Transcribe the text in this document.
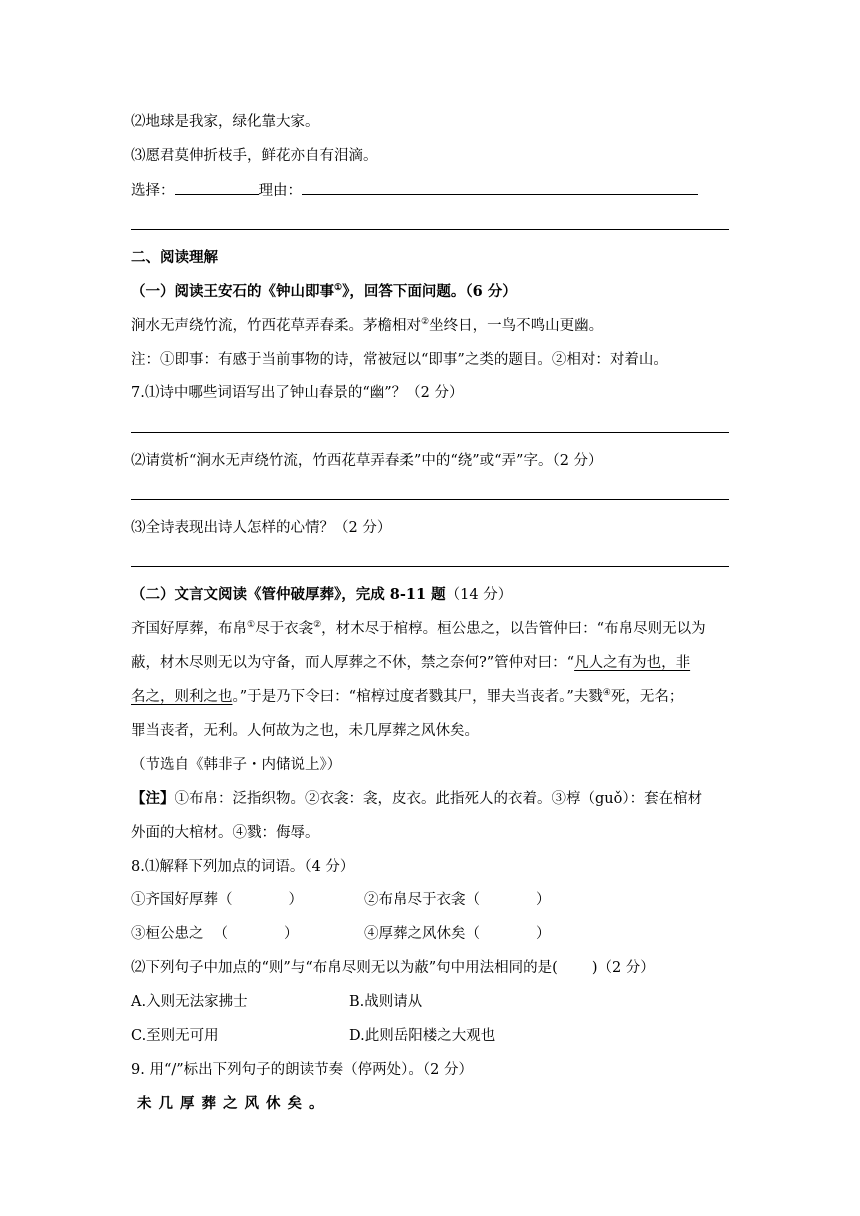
⑵地球是我家，绿化靠大家。
⑶愿君莫伸折枝手，鲜花亦自有泪滴。
选择：	理由：
二、阅读理解
（一）阅读王安石的《钟山即事①》，回答下面问题。（6 分）
涧水无声绕竹流，竹西花草弄春柔。茅檐相对②坐终日，一鸟不鸣山更幽。
注：①即事：有感于当前事物的诗，常被冠以“即事”之类的题目。②相对：对着山。
7.⑴诗中哪些词语写出了钟山春景的“幽”？（2 分）
⑵请赏析“涧水无声绕竹流，竹西花草弄春柔”中的“绕”或“弄”字。（2 分）
⑶全诗表现出诗人怎样的心情？（2 分）
（二）文言文阅读《管仲破厚葬》，完成 8-11 题（14 分）
齐国好厚葬，布帛①尽于衣衾②，材木尽于棺椁。桓公患之，以告管仲曰：“布帛尽则无以为
蔽，材木尽则无以为守备，而人厚葬之不休，禁之奈何?”管仲对曰：“凡人之有为也，非
名之，则利之也。”于是乃下令曰：“棺椁过度者戮其尸，罪夫当丧者。”夫戮④死，无名；
罪当丧者，无利。人何故为之也，未几厚葬之风休矣。
（节选自《韩非子・内储说上》）
【注】①布帛：泛指织物。②衣衾：衾，皮衣。此指死人的衣着。③椁（guǒ）：套在棺材
外面的大棺材。④戮：侮辱。
8.⑴解释下列加点的词语。（4 分）
①齐国好厚葬（	）	②布帛尽于衣衾（	）
③桓公患之 （	）	④厚葬之风休矣（	）
⑵下列句子中加点的“则”与“布帛尽则无以为蔽”句中用法相同的是( )（2 分）
A.入则无法家拂士	B.战则请从
C.至则无可用	D.此则岳阳楼之大观也
9. 用“/”标出下列句子的朗读节奏（停两处）。（2 分）
未几厚葬之风休矣。
